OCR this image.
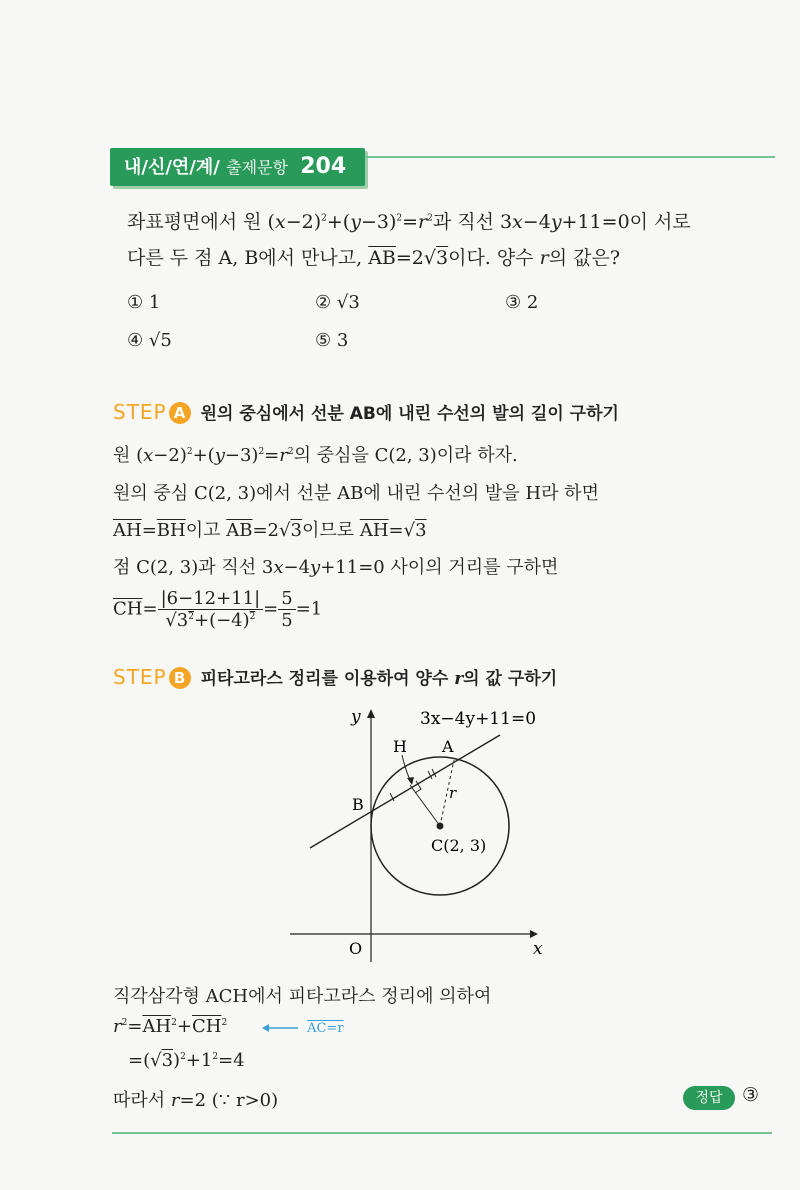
내/신/연/계/ 출제문항 204
좌표평면에서 원 $(x-2)^2+(y-3)^2=r^2$과 직선 3x−4y+11=0이 서로
다른 두 점 A, B에서 만나고, $\overline{AB}=2√3$이다. 양수 r의 값은?
① 1	② √3	③ 2
④ √5	⑤ 3
STEP A 원의 중심에서 선분 AB에 내린 수선의 발의 길이 구하기
원 $(x-2)^2+(y-3)^2=r^2$의 중심을 C(2, 3)이라 하자.
원의 중심 C(2, 3)에서 선분 AB에 내린 수선의 발을 H라 하면
$\overline{AH}=\overline{BH}$이고 $\overline{AB}=2√3$이므로 $\overline{AH}=√3$
점 C(2, 3)과 직선 3x−4y+11=0 사이의 거리를 구하면
$\overline{CH}= \frac{|6-12+11|}{√3^2+(-4)^2} = \frac{5}{5} =1$
STEP B 피타고라스 정리를 이용하여 양수 r의 값 구하기
3x−4y+11=0
H A
B
r
C(2, 3)
O	x
y
직각삼각형 ACH에서 피타고라스 정리에 의하여
$r^2=\overline{AH}^2+\overline{CH}^2$	AC=r
$=(√3)^2+1^2=4$
따라서 r=2 (∵ r>0)	정답	③
